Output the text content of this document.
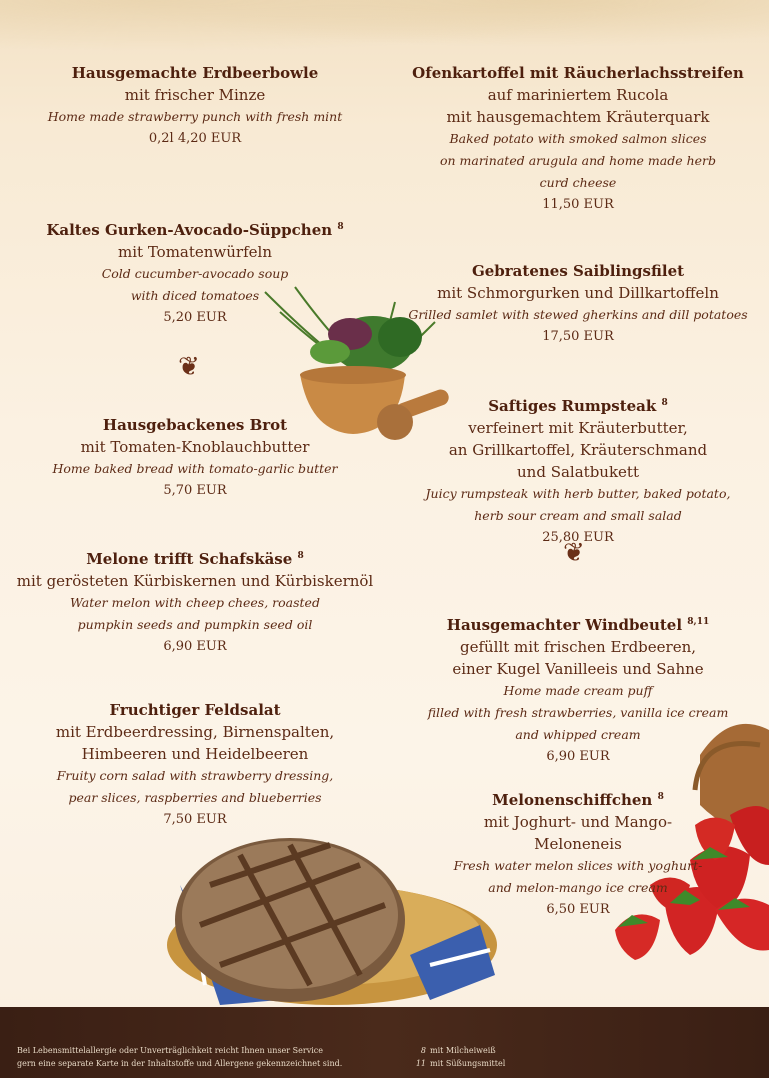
Hausgemachte Erdbeerbowle
mit frischer Minze
Home made strawberry punch with fresh mint
0,2l 4,20 EUR
Kaltes Gurken-Avocado-Süppchen $^8$
mit Tomatenwürfeln
Cold cucumber-avocado soup
with diced tomatoes
5,20 EUR
❦
Hausgebackenes Brot
mit Tomaten-Knoblauchbutter
Home baked bread with tomato-garlic butter
5,70 EUR
Melone trifft Schafskäse $^8$
mit gerösteten Kürbiskernen und Kürbiskernöl
Water melon with cheep chees, roasted
pumpkin seeds and pumpkin seed oil
6,90 EUR
Fruchtiger Feldsalat
mit Erdbeerdressing, Birnenspalten,
Himbeeren und Heidelbeeren
Fruity corn salad with strawberry dressing,
pear slices, raspberries and blueberries
7,50 EUR
Ofenkartoffel mit Räucherlachsstreifen
auf mariniertem Rucola
mit hausgemachtem Kräuterquark
Baked potato with smoked salmon slices
on marinated arugula and home made herb
curd cheese
11,50 EUR
Gebratenes Saiblingsfilet
mit Schmorgurken und Dillkartoffeln
Grilled samlet with stewed gherkins and dill potatoes
17,50 EUR
Saftiges Rumpsteak $^8$
verfeinert mit Kräuterbutter,
an Grillkartoffel, Kräuterschmand
und Salatbukett
Juicy rumpsteak with herb butter, baked potato,
herb sour cream and small salad
25,80 EUR
❦
Hausgemachter Windbeutel $^{8,11}$
gefüllt mit frischen Erdbeeren,
einer Kugel Vanilleeis und Sahne
Home made cream puff
filled with fresh strawberries, vanilla ice cream
and whipped cream
6,90 EUR
Melonenschiffchen $^8$
mit Joghurt- und Mango-
Meloneneis
Fresh water melon slices with yoghurt-
and melon-mango ice cream
6,50 EUR
Bei Lebensmittelallergie oder Unverträglichkeit reicht Ihnen unser Service
gern eine separate Karte in der Inhaltstoffe und Allergene gekennzeichnet sind.
8 mit Milcheiweiß
11 mit Süßungsmittel
